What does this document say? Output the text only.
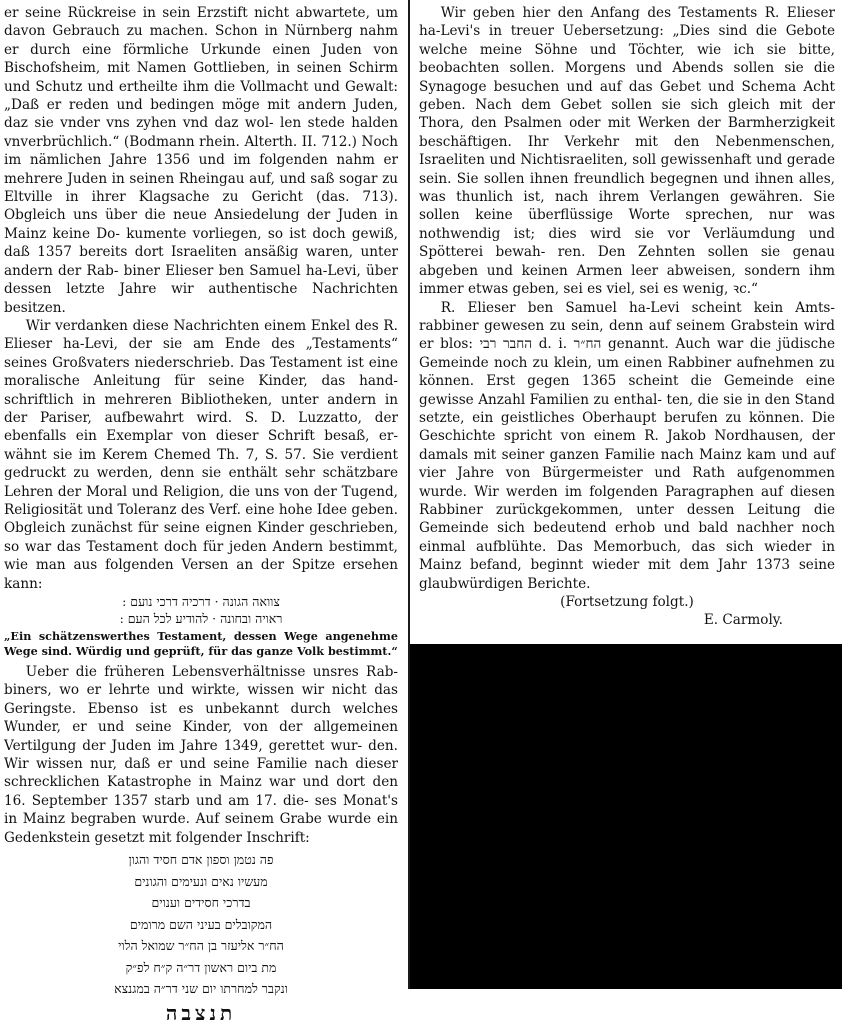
er seine Rückreise in sein Erzstift nicht abwartete, um davon Gebrauch zu machen. Schon in Nürnberg nahm er durch eine förmliche Urkunde einen Juden von Bischofsheim, mit Namen Gottlieben, in seinen Schirm und Schutz und ertheilte ihm die Vollmacht und Gewalt: „Daß er reden und bedingen möge mit andern Juden, daz sie vnder vns zyhen vnd daz wol- len stede halden vnverbrüchlich.“ (Bodmann rhein. Alterth. II. 712.) Noch im nämlichen Jahre 1356 und im folgenden nahm er mehrere Juden in seinen Rheingau auf, und saß sogar zu Eltville in ihrer Klagsache zu Gericht (das. 713). Obgleich uns über die neue Ansiedelung der Juden in Mainz keine Do- kumente vorliegen, so ist doch gewiß, daß 1357 bereits dort Israeliten ansäßig waren, unter andern der Rab- biner Elieser ben Samuel ha-Levi, über dessen letzte Jahre wir authentische Nachrichten besitzen.

Wir verdanken diese Nachrichten einem Enkel des R. Elieser ha-Levi, der sie am Ende des „Testaments“ seines Großvaters niederschrieb. Das Testament ist eine moralische Anleitung für seine Kinder, das hand- schriftlich in mehreren Bibliotheken, unter andern in der Pariser, aufbewahrt wird. S. D. Luzzatto, der ebenfalls ein Exemplar von dieser Schrift besaß, er- wähnt sie im Kerem Chemed Th. 7, S. 57. Sie verdient gedruckt zu werden, denn sie enthält sehr schätzbare Lehren der Moral und Religion, die uns von der Tugend, Religiosität und Toleranz des Verf. eine hohe Idee geben. Obgleich zunächst für seine eignen Kinder geschrieben, so war das Testament doch für jeden Andern bestimmt, wie man aus folgenden Versen an der Spitze ersehen kann:

צוואה הגונה · דרכיה דרכי נועם :

ראויה ובחונה · להודיע לכל העם :

„Ein schätzenswerthes Testament, dessen Wege angenehme Wege sind. Würdig und geprüft, für das ganze Volk bestimmt.“

Ueber die früheren Lebensverhältnisse unsres Rab- biners, wo er lehrte und wirkte, wissen wir nicht das Geringste. Ebenso ist es unbekannt durch welches Wunder, er und seine Kinder, von der allgemeinen Vertilgung der Juden im Jahre 1349, gerettet wur- den. Wir wissen nur, daß er und seine Familie nach dieser schrecklichen Katastrophe in Mainz war und dort den 16. September 1357 starb und am 17. die- ses Monat's in Mainz begraben wurde. Auf seinem Grabe wurde ein Gedenkstein gesetzt mit folgender Inschrift:

פה נטמן וספון אדם חסיד והגון
מעשיו נאים ונעימים והגונים
בדרכי חסידים וענוים
המקובלים בעיני השם מרומים
הח״ר אליעזר בן הח״ר שמואל הלוי
מת ביום ראשון דר״ה ק״ח לפ״ק
ונקבר למחרתו יום שני דר״ה במגנצא
תנצבה

Wir geben hier den Anfang des Testaments R. Elieser ha-Levi's in treuer Uebersetzung: „Dies sind die Gebote welche meine Söhne und Töchter, wie ich sie bitte, beobachten sollen. Morgens und Abends sollen sie die Synagoge besuchen und auf das Gebet und Schema Acht geben. Nach dem Gebet sollen sie sich gleich mit der Thora, den Psalmen oder mit Werken der Barmherzigkeit beschäftigen. Ihr Verkehr mit den Nebenmenschen, Israeliten und Nichtisraeliten, soll gewissenhaft und gerade sein. Sie sollen ihnen freundlich begegnen und ihnen alles, was thunlich ist, nach ihrem Verlangen gewähren. Sie sollen keine überflüssige Worte sprechen, nur was nothwendig ist; dies wird sie vor Verläumdung und Spötterei bewah- ren. Den Zehnten sollen sie genau abgeben und keinen Armen leer abweisen, sondern ihm immer etwas geben, sei es viel, sei es wenig, ꝛc.“

R. Elieser ben Samuel ha-Levi scheint kein Amts- rabbiner gewesen zu sein, denn auf seinem Grabstein wird er blos: החבר רבי d. i. הח״ר genannt. Auch war die jüdische Gemeinde noch zu klein, um einen Rabbiner aufnehmen zu können. Erst gegen 1365 scheint die Gemeinde eine gewisse Anzahl Familien zu enthal- ten, die sie in den Stand setzte, ein geistliches Oberhaupt berufen zu können. Die Geschichte spricht von einem R. Jakob Nordhausen, der damals mit seiner ganzen Familie nach Mainz kam und auf vier Jahre von Bürgermeister und Rath aufgenommen wurde. Wir werden im folgenden Paragraphen auf diesen Rabbiner zurückgekommen, unter dessen Leitung die Gemeinde sich bedeutend erhob und bald nachher noch einmal aufblühte. Das Memorbuch, das sich wieder in Mainz befand, beginnt wieder mit dem Jahr 1373 seine glaubwürdigen Berichte.

(Fortsetzung folgt.)

E. Carmoly.
